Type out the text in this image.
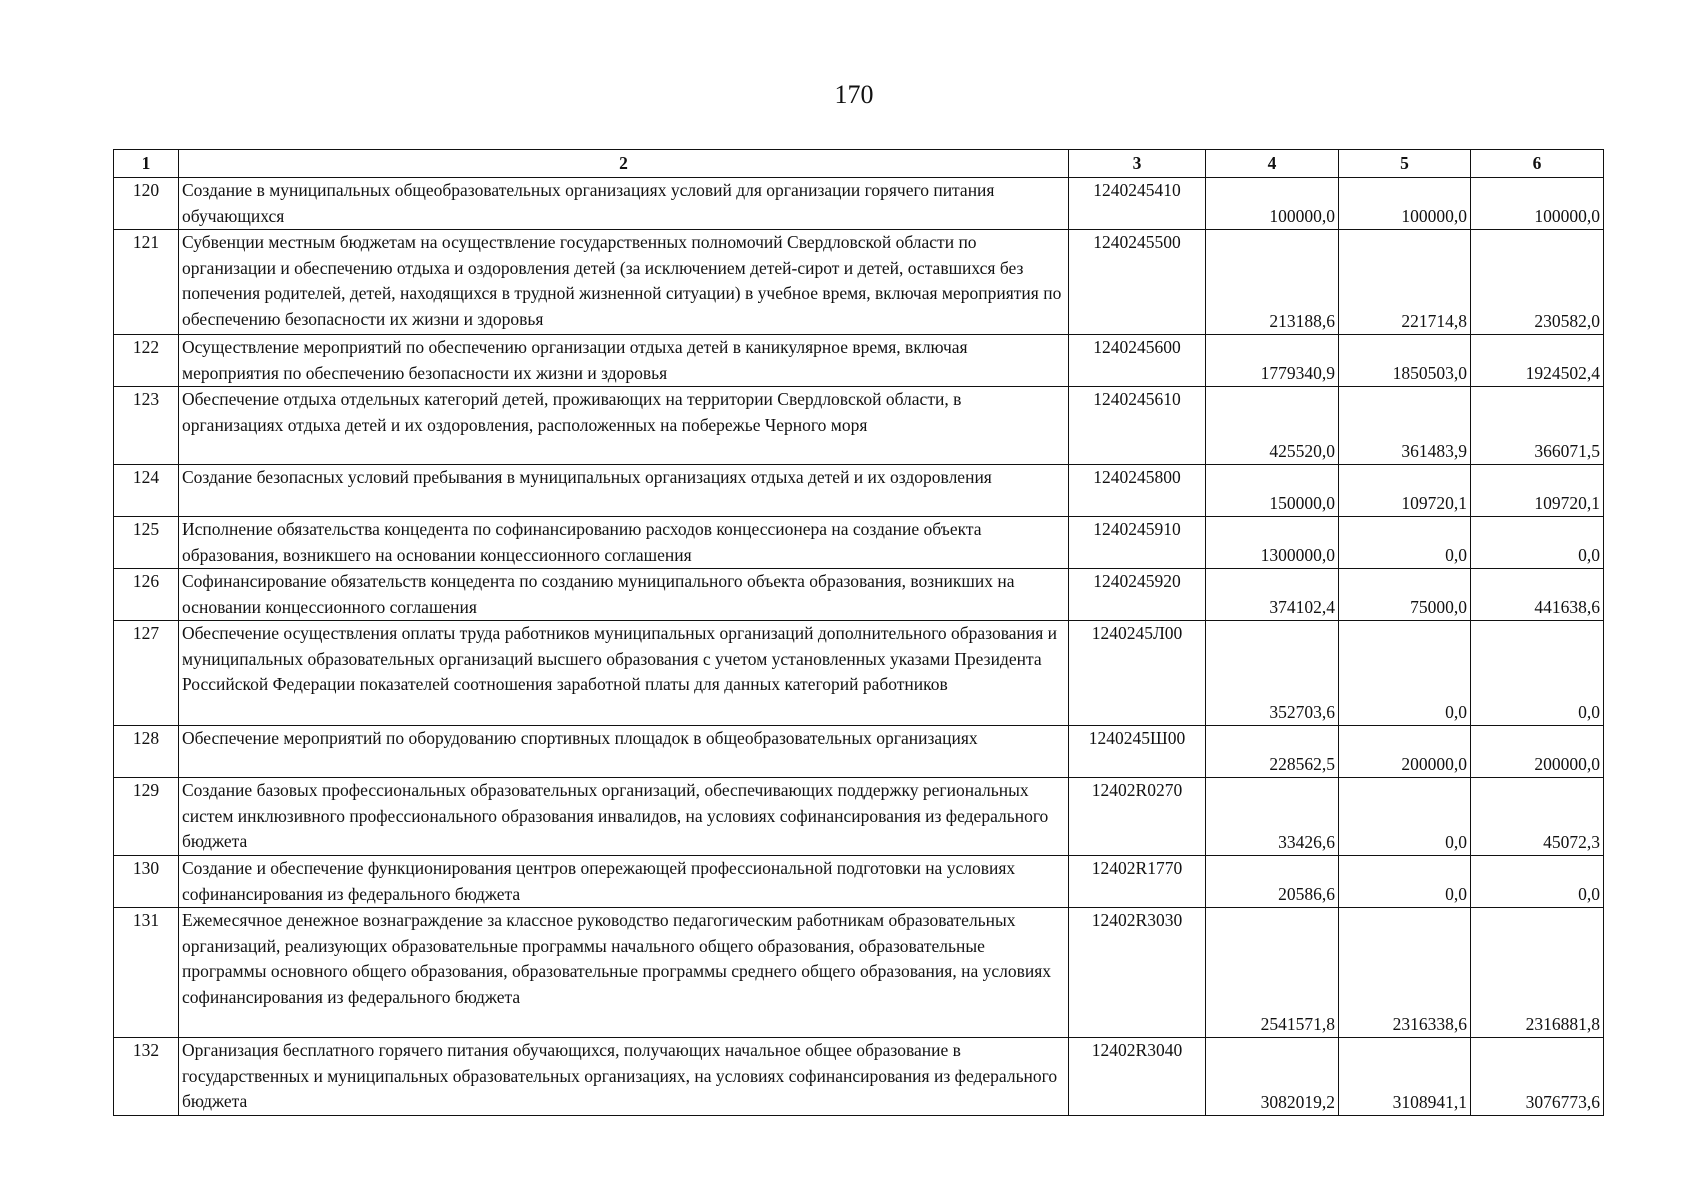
170
1	2	3	4	5	6
120	Создание в муниципальных общеобразовательных организациях условий для организации горячего питания обучающихся	1240245410	100000,0	100000,0	100000,0
121	Субвенции местным бюджетам на осуществление государственных полномочий Свердловской области по организации и обеспечению отдыха и оздоровления детей (за исключением детей-сирот и детей, оставшихся без попечения родителей, детей, находящихся в трудной жизненной ситуации) в учебное время, включая мероприятия по обеспечению безопасности их жизни и здоровья	1240245500	213188,6	221714,8	230582,0
122	Осуществление мероприятий по обеспечению организации отдыха детей в каникулярное время, включая мероприятия по обеспечению безопасности их жизни и здоровья	1240245600	1779340,9	1850503,0	1924502,4
123	Обеспечение отдыха отдельных категорий детей, проживающих на территории Свердловской области, в организациях отдыха детей и их оздоровления, расположенных на побережье Черного моря	1240245610	425520,0	361483,9	366071,5
124	Создание безопасных условий пребывания в муниципальных организациях отдыха детей и их оздоровления	1240245800	150000,0	109720,1	109720,1
125	Исполнение обязательства концедента по софинансированию расходов концессионера на создание объекта образования, возникшего на основании концессионного соглашения	1240245910	1300000,0	0,0	0,0
126	Софинансирование обязательств концедента по созданию муниципального объекта образования, возникших на основании концессионного соглашения	1240245920	374102,4	75000,0	441638,6
127	Обеспечение осуществления оплаты труда работников муниципальных организаций дополнительного образования и муниципальных образовательных организаций высшего образования с учетом установленных указами Президента Российской Федерации показателей соотношения заработной платы для данных категорий работников	1240245Л00	352703,6	0,0	0,0
128	Обеспечение мероприятий по оборудованию спортивных площадок в общеобразовательных организациях	1240245Ш00	228562,5	200000,0	200000,0
129	Создание базовых профессиональных образовательных организаций, обеспечивающих поддержку региональных систем инклюзивного профессионального образования инвалидов, на условиях софинансирования из федерального бюджета	12402R0270	33426,6	0,0	45072,3
130	Создание и обеспечение функционирования центров опережающей профессиональной подготовки на условиях софинансирования из федерального бюджета	12402R1770	20586,6	0,0	0,0
131	Ежемесячное денежное вознаграждение за классное руководство педагогическим работникам образовательных организаций, реализующих образовательные программы начального общего образования, образовательные программы основного общего образования, образовательные программы среднего общего образования, на условиях софинансирования из федерального бюджета	12402R3030	2541571,8	2316338,6	2316881,8
132	Организация бесплатного горячего питания обучающихся, получающих начальное общее образование в государственных и муниципальных образовательных организациях, на условиях софинансирования из федерального бюджета	12402R3040	3082019,2	3108941,1	3076773,6
